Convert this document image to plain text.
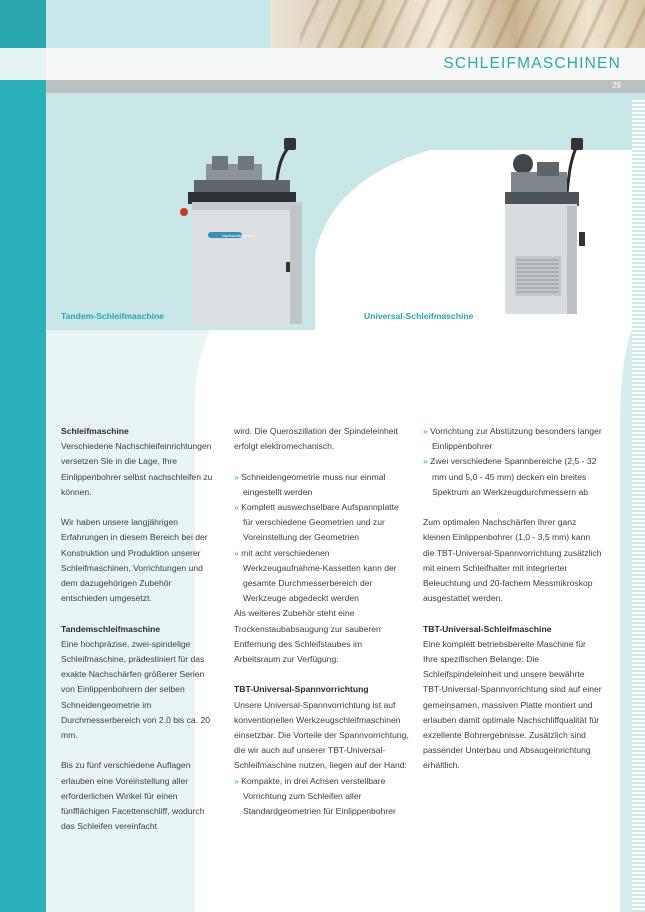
SCHLEIFMASCHINEN
29
Nachschleiftechnik
Tandem-Schleifmaschine	Universal-Schleifmaschine
Schleifmaschine

Verschiedene Nachschleifeinrichtungen versetzen Sie in die Lage, Ihre Einlippenbohrer selbst nachschleifen zu können.

Wir haben unsere langjährigen Erfahrungen in diesem Bereich bei der Konstruktion und Produktion unserer Schleifmaschinen, Vorrichtungen und dem dazugehörigen Zubehör entschieden umgesetzt.

Tandemschleifmaschine

Eine hochpräzise, zwei-spindelige Schleifmaschine, prädestiniert für das exakte Nachschärfen größerer Serien von Einlippenbohrern der selben Schneidengeometrie im Durchmesserbereich von 2,0 bis ca. 20 mm.

Bis zu fünf verschiedene Auflagen erlauben eine Voreinstellung aller erforderlichen Winkel für einen fünfflächigen Facettenschliff, wodurch das Schleifen vereinfacht

wird. Die Queroszillation der Spindeleinheit erfolgt elektromechanisch.

» Schneidengeometrie muss nur einmal eingestellt werden
» Komplett auswechselbare Aufspannplatte für verschiedene Geometrien und zur Voreinstellung der Geometrien
» mit acht verschiedenen Werkzeugaufnahme-Kassetten kann der gesamte Durchmesserbereich der Werkzeuge abgedeckt werden

Als weiteres Zubehör steht eine Trockenstaubabsaugung zur sauberen Entfernung des Schleifstaubes im Arbeitsraum zur Verfügung.

TBT-Universal-Spannvorrichtung
Unsere Universal-Spannvorrichtung ist auf konventionellen Werkzeugschleifmaschinen einsetzbar. Die Vorteile der Spannvorrichtung, die wir auch auf unserer TBT-Universal-Schleifmaschine nutzen, liegen auf der Hand:
» Kompakte, in drei Achsen verstellbare Vorrichtung zum Schleifen aller Standardgeometrien für Einlippenbohrer
» Vorrichtung zur Abstützung besonders langer Einlippenbohrer
» Zwei verschiedene Spannbereiche (2,5 - 32 mm und 5,0 - 45 mm) decken ein breites Spektrum an Werkzeugdurchmessern ab

Zum optimalen Nachschärfen Ihrer ganz kleinen Einlippenbohrer (1,0 - 3,5 mm) kann die TBT-Universal-Spannvorrichtung zusätzlich mit einem Schleifhalter mit integrierter Beleuchtung und 20-fachem Messmikroskop ausgestattet werden.

TBT-Universal-Schleifmaschine

Eine komplett betriebsbereite Maschine für Ihre spezifischen Belange: Die Schleifspindeleinheit und unsere bewährte TBT-Universal-Spannvorrichtung sind auf einer gemeinsamen, massiven Platte montiert und erlauben damit optimale Nachschliffqualität für exzellente Bohrergebnisse. Zusätzlich sind passender Unterbau und Absaugeinrichtung erhältlich.
